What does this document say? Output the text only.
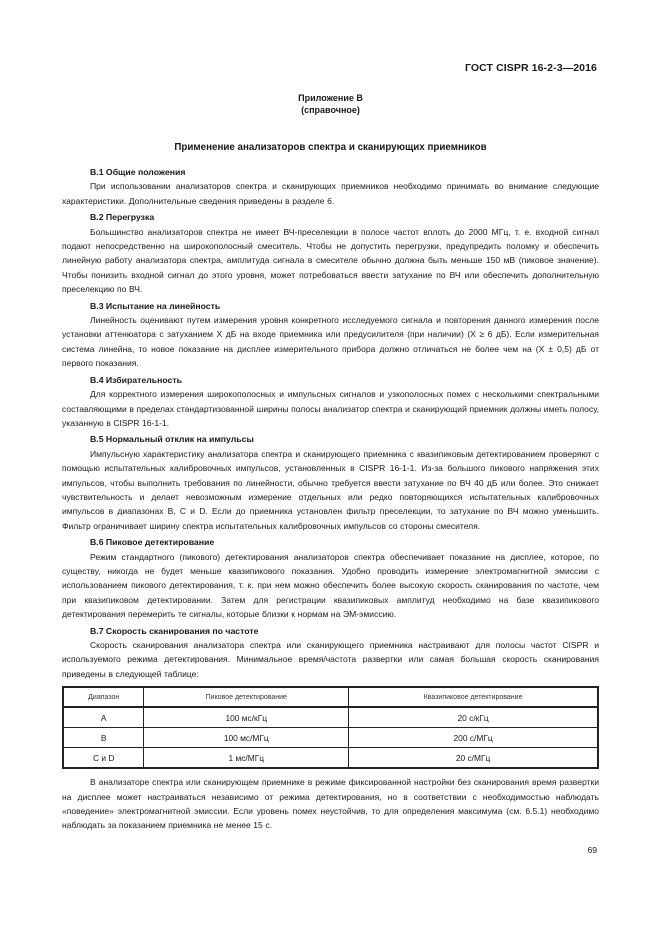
ГОСТ CISPR 16-2-3—2016
Приложение В
(справочное)
Применение анализаторов спектра и сканирующих приемников
В.1 Общие положения

При использовании анализаторов спектра и сканирующих приемников необходимо принимать во внимание следующие характеристики. Дополнительные сведения приведены в разделе 6.

В.2 Перегрузка

Большинство анализаторов спектра не имеет ВЧ-преселекции в полосе частот вплоть до 2000 МГц, т. е. входной сигнал подают непосредственно на широкополосный смеситель. Чтобы не допустить перегрузки, предупредить поломку и обеспечить линейную работу анализатора спектра, амплитуда сигнала в смесителе обычно должна быть меньше 150 мВ (пиковое значение). Чтобы понизить входной сигнал до этого уровня, может потребоваться ввести затухание по ВЧ или обеспечить дополнительную преселекцию по ВЧ.

В.3 Испытание на линейность

Линейность оценивают путем измерения уровня конкретного исследуемого сигнала и повторения данного измерения после установки аттенюатора с затуханием X дБ на входе приемника или предусилителя (при наличии) (X ≥ 6 дБ). Если измерительная система линейна, то новое показание на дисплее измерительного прибора должно отличаться не более чем на (X ± 0,5) дБ от первого показания.

В.4 Избирательность

Для корректного измерения широкополосных и импульсных сигналов и узкополосных помех с несколькими спектральными составляющими в пределах стандартизованной ширины полосы анализатор спектра и сканирующий приемник должны иметь полосу, указанную в CISPR 16-1-1.

В.5 Нормальный отклик на импульсы

Импульсную характеристику анализатора спектра и сканирующего приемника с квазипиковым детектированием проверяют с помощью испытательных калибровочных импульсов, установленных в CISPR 16-1-1. Из-за большого пикового напряжения этих импульсов, чтобы выполнить требования по линейности, обычно требуется ввести затухание по ВЧ 40 дБ или более. Это снижает чувствительность и делает невозможным измерение отдельных или редко повторяющихся испытательных калибровочных импульсов в диапазонах В, С и D. Если до приемника установлен фильтр преселекции, то затухание по ВЧ можно уменьшить. Фильтр ограничивает ширину спектра испытательных калибровочных импульсов со стороны смесителя.

В.6 Пиковое детектирование

Режим стандартного (пикового) детектирования анализаторов спектра обеспечивает показание на дисплее, которое, по существу, никогда не будет меньше квазипикового показания. Удобно проводить измерение электромагнитной эмиссии с использованием пикового детектирования, т. к. при нем можно обеспечить более высокую скорость сканирования по частоте, чем при квазипиковом детектировании. Затем для регистрации квазипиковых амплитуд необходимо на базе квазипикового детектирования перемерить те сигналы, которые близки к нормам на ЭМ-эмиссию.

В.7 Скорость сканирования по частоте

Скорость сканирования анализатора спектра или сканирующего приемника настраивают для полосы частот CISPR и используемого режима детектирования. Минимальное время/частота развертки или самая большая скорость сканирования приведены в следующей таблице:

Диапазон	Пиковое детектирование	Квазипиковое детектирование
А	100 мс/кГц	20 с/кГц
В	100 мс/МГц	200 с/МГц
С и D	1 мс/МГц	20 с/МГц

В анализаторе спектра или сканирующем приемнике в режиме фиксированной настройки без сканирования время развертки на дисплее может настраиваться независимо от режима детектирования, но в соответствии с необходимостью наблюдать «поведение» электромагнитной эмиссии. Если уровень помех неустойчив, то для определения максимума (см. 6.5.1) необходимо наблюдать за показанием приемника не менее 15 с.

69
